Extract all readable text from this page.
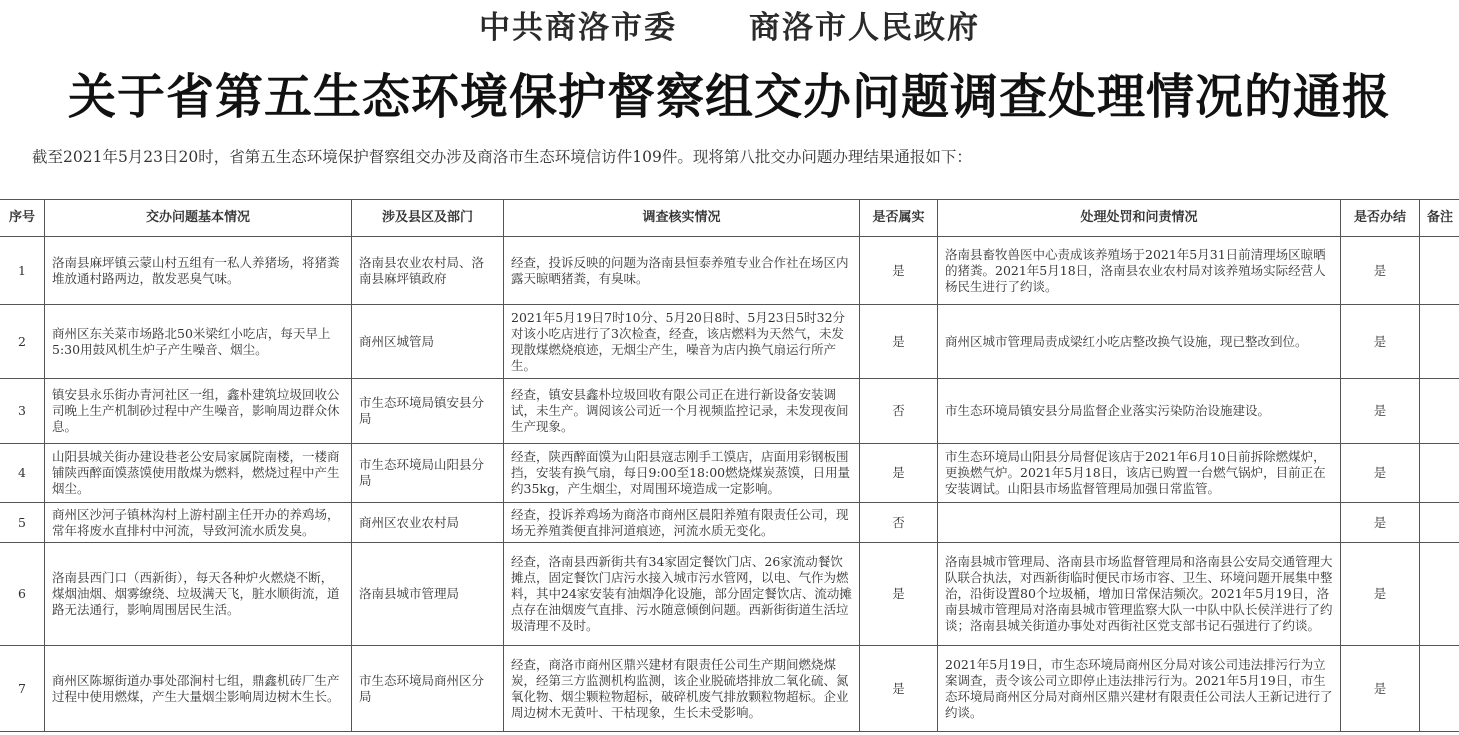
中共商洛市委 商洛市人民政府
关于省第五生态环境保护督察组交办问题调查处理情况的通报
截至2021年5月23日20时，省第五生态环境保护督察组交办涉及商洛市生态环境信访件109件。现将第八批交办问题办理结果通报如下：
序号	交办问题基本情况	涉及县区及部门	调查核实情况	是否属实	处理处罚和问责情况	是否办结	备注
1	洛南县麻坪镇云蒙山村五组有一私人养猪场，将猪粪堆放通村路两边，散发恶臭气味。	洛南县农业农村局、洛南县麻坪镇政府	经查，投诉反映的问题为洛南县恒泰养殖专业合作社在场区内露天晾晒猪粪，有臭味。	是	洛南县畜牧兽医中心责成该养殖场于2021年5月31日前清理场区晾晒的猪粪。2021年5月18日，洛南县农业农村局对该养殖场实际经营人杨民生进行了约谈。	是	
2	商州区东关菜市场路北50米梁红小吃店，每天早上5:30用鼓风机生炉子产生噪音、烟尘。	商州区城管局	2021年5月19日7时10分、5月20日8时、5月23日5时32分对该小吃店进行了3次检查，经查，该店燃料为天然气，未发现散煤燃烧痕迹，无烟尘产生，噪音为店内换气扇运行所产生。	是	商州区城市管理局责成梁红小吃店整改换气设施，现已整改到位。	是	
3	镇安县永乐街办青河社区一组，鑫朴建筑垃圾回收公司晚上生产机制砂过程中产生噪音，影响周边群众休息。	市生态环境局镇安县分局	经查，镇安县鑫朴垃圾回收有限公司正在进行新设备安装调试，未生产。调阅该公司近一个月视频监控记录，未发现夜间生产现象。	否	市生态环境局镇安县分局监督企业落实污染防治设施建设。	是	
4	山阳县城关街办建设巷老公安局家属院南楼，一楼商铺陕西醉面馍蒸馍使用散煤为燃料，燃烧过程中产生烟尘。	市生态环境局山阳县分局	经查，陕西醉面馍为山阳县寇志刚手工馍店，店面用彩钢板围挡，安装有换气扇，每日9:00至18:00燃烧煤炭蒸馍，日用量约35kg，产生烟尘，对周围环境造成一定影响。	是	市生态环境局山阳县分局督促该店于2021年6月10日前拆除燃煤炉，更换燃气炉。2021年5月18日，该店已购置一台燃气锅炉，目前正在安装调试。山阳县市场监督管理局加强日常监管。	是	
5	商州区沙河子镇林沟村上游村副主任开办的养鸡场，常年将废水直排村中河流，导致河流水质发臭。	商州区农业农村局	经查，投诉养鸡场为商洛市商州区晨阳养殖有限责任公司，现场无养殖粪便直排河道痕迹，河流水质无变化。	否		是	
6	洛南县西门口（西新街），每天各种炉火燃烧不断，煤烟油烟、烟雾缭绕、垃圾满天飞，脏水顺街流，道路无法通行，影响周围居民生活。	洛南县城市管理局	经查，洛南县西新街共有34家固定餐饮门店、26家流动餐饮摊点，固定餐饮门店污水接入城市污水管网，以电、气作为燃料，其中24家安装有油烟净化设施，部分固定餐饮店、流动摊点存在油烟废气直排、污水随意倾倒问题。西新街街道生活垃圾清理不及时。	是	洛南县城市管理局、洛南县市场监督管理局和洛南县公安局交通管理大队联合执法，对西新街临时便民市场市容、卫生、环境问题开展集中整治，沿街设置80个垃圾桶，增加日常保洁频次。2021年5月19日，洛南县城市管理局对洛南县城市管理监察大队一中队中队长侯洋进行了约谈；洛南县城关街道办事处对西街社区党支部书记石强进行了约谈。	是	
7	商州区陈塬街道办事处邵涧村七组，鼎鑫机砖厂生产过程中使用燃煤，产生大量烟尘影响周边树木生长。	市生态环境局商州区分局	经查，商洛市商州区鼎兴建材有限责任公司生产期间燃烧煤炭，经第三方监测机构监测，该企业脱硫塔排放二氧化硫、氮氧化物、烟尘颗粒物超标，破碎机废气排放颗粒物超标。企业周边树木无黄叶、干枯现象，生长未受影响。	是	2021年5月19日，市生态环境局商州区分局对该公司违法排污行为立案调查，责令该公司立即停止违法排污行为。2021年5月19日，市生态环境局商州区分局对商州区鼎兴建材有限责任公司法人王新记进行了约谈。	是	
